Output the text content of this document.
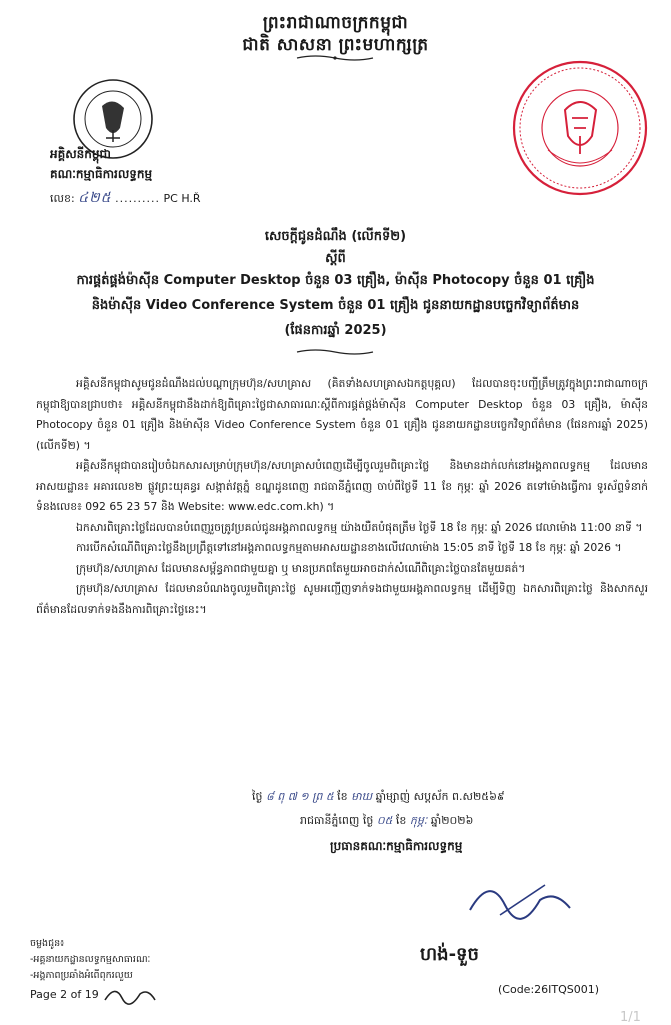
ព្រះរាជាណាចក្រកម្ពុជា
ជាតិ សាសនា ព្រះមហាក្សត្រ
អគ្គិសនីកម្ពុជា
គណៈកម្មាធិការលទ្ធកម្ម
លេខ: ៤២៥ .......... PC H.Ř
សេចក្តីជូនដំណឹង (លើកទី២)
ស្តីពី
ការផ្គត់ផ្គង់ម៉ាស៊ីន Computer Desktop ចំនួន 03 គ្រឿង, ម៉ាស៊ីន Photocopy ចំនួន 01 គ្រឿង
និងម៉ាស៊ីន Video Conference System ចំនួន 01 គ្រឿង ជូននាយកដ្ឋានបច្ចេកវិទ្យាព័ត៌មាន
(ផែនការឆ្នាំ 2025)

អគ្គិសនីកម្ពុជាសូមជូនដំណឹងដល់បណ្ដាក្រុមហ៊ុន/សហគ្រាស (គិតទាំងសហគ្រាសឯកត្តបុគ្គល) ដែលបានចុះបញ្ជីត្រឹមត្រូវក្នុងព្រះរាជាណាចក្រកម្ពុជាឱ្យបានជ្រាបថា៖ អគ្គិសនីកម្ពុជានឹងដាក់ឱ្យពិគ្រោះថ្លៃជាសាធារណៈស្ដីពីការផ្គត់ផ្គង់ម៉ាស៊ីន Computer Desktop ចំនួន 03 គ្រឿង, ម៉ាស៊ីន Photocopy ចំនួន 01 គ្រឿង និងម៉ាស៊ីន Video Conference System ចំនួន 01 គ្រឿង ជូននាយកដ្ឋានបច្ចេកវិទ្យាព័ត៌មាន (ផែនការឆ្នាំ 2025) (លើកទី២) ។

អគ្គិសនីកម្ពុជាបានរៀបចំឯកសារសម្រាប់ក្រុមហ៊ុន/សហគ្រាសបំពេញដើម្បីចូលរួមពិគ្រោះថ្លៃ និងមានដាក់លក់នៅអង្គភាពលទ្ធកម្ម ដែលមានអាសយដ្ឋាន៖ អគារលេខ២ ផ្លូវព្រះយុគន្ធរ សង្កាត់វត្តភ្នំ ខណ្ឌដូនពេញ រាជធានីភ្នំពេញ ចាប់ពីថ្ងៃទី 11 ខែ កុម្ភៈ ឆ្នាំ 2026 តទៅម៉ោងធ្វើការ ទូរស័ព្ទទំនាក់ទំនងលេខ៖ 092 65 23 57 និង Website: www.edc.com.kh) ។

ឯកសារពិគ្រោះថ្លៃដែលបានបំពេញរួចត្រូវប្រគល់ជូនអង្គភាពលទ្ធកម្ម យ៉ាងយឺតបំផុតត្រឹម ថ្ងៃទី 18 ខែ កុម្ភៈ ឆ្នាំ 2026 វេលាម៉ោង 11:00 នាទី ។

ការបើកសំណើពិគ្រោះថ្លៃនឹងប្រព្រឹត្តទៅនៅអង្គភាពលទ្ធកម្មតាមអាសយដ្ឋានខាងលើវេលាម៉ោង 15:05 នាទី ថ្ងៃទី 18 ខែ កុម្ភៈ ឆ្នាំ 2026 ។

ក្រុមហ៊ុន/សហគ្រាស ដែលមានសម្ព័ន្ធភាពជាមួយគ្នា ឬ មានប្រភពតែមួយអាចដាក់សំណើពិគ្រោះថ្លៃបានតែមួយគត់។

ក្រុមហ៊ុន/សហគ្រាស ដែលមានបំណងចូលរួមពិគ្រោះថ្លៃ សូមអញ្ជើញទាក់ទងជាមួយអង្គភាពលទ្ធកម្ម ដើម្បីទិញ ឯកសារពិគ្រោះថ្លៃ និងសាកសួរព័ត៌មានដែលទាក់ទងនឹងការពិគ្រោះថ្លៃនេះ។

ថ្ងៃ ៨ ពុ ៧ ១ ព្រ ៥ ខែ មាឃ ឆ្នាំម្សាញ់ សប្តស័ក ព.ស២៥៦៩
រាជធានីភ្នំពេញ ថ្ងៃ ០៥ ខែ កុម្ភៈ ឆ្នាំ២០២៦
ប្រធានគណៈកម្មាធិការលទ្ធកម្ម
ហង់-ទួច
ចម្លងជូន៖
-អគ្គនាយកដ្ឋានលទ្ធកម្មសាធារណៈ
-អង្គភាពប្រឆាំងអំពើពុករលួយ
Page 2 of 19	(Code:26ITQS001)
1/1
